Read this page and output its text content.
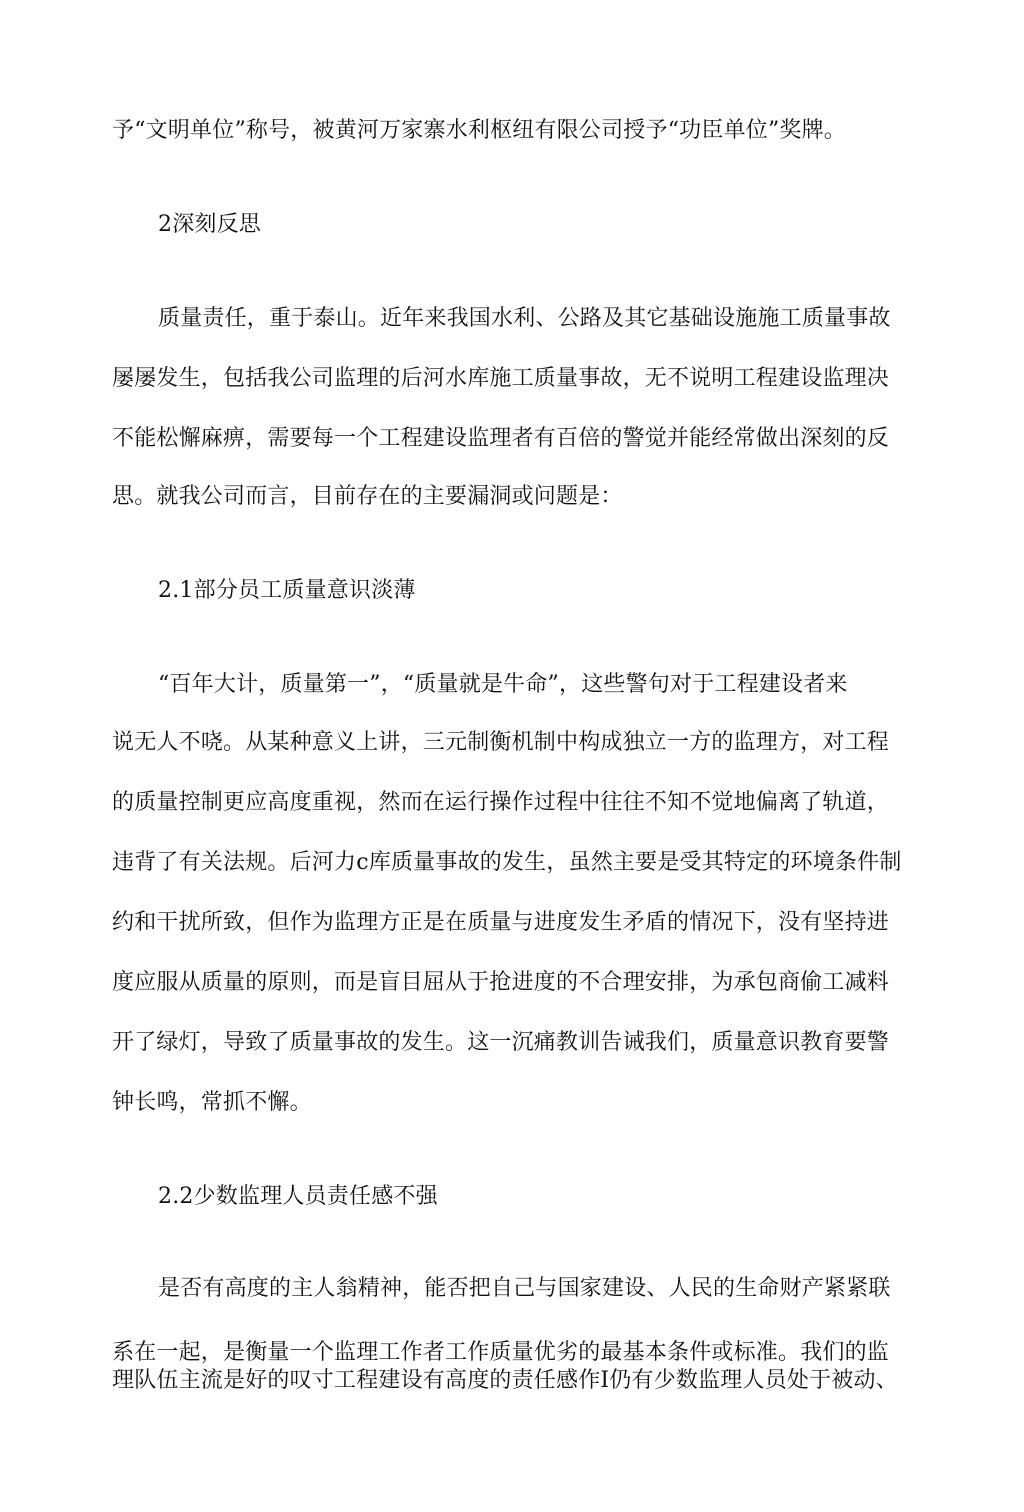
予“文明单位”称号，被黄河万家寨水利枢纽有限公司授予“功臣单位”奖牌。
2深刻反思
质量责任，重于泰山。近年来我国水利、公路及其它基础设施施工质量事故
屡屡发生，包括我公司监理的后河水库施工质量事故，无不说明工程建设监理决
不能松懈麻痹，需要每一个工程建设监理者有百倍的警觉并能经常做出深刻的反
思。就我公司而言，目前存在的主要漏洞或问题是：
2.1部分员工质量意识淡薄
“百年大计，质量第一”，“质量就是牛命”，这些警句对于工程建设者来
说无人不哓。从某种意义上讲，三元制衡机制中构成独立一方的监理方，对工程
的质量控制更应高度重视，然而在运行操作过程中往往不知不觉地偏离了轨道，
违背了有关法规。后河力c库质量事故的发生，虽然主要是受其特定的环境条件制
约和干扰所致，但作为监理方正是在质量与进度发生矛盾的情况下，没有坚持进
度应服从质量的原则，而是盲目屈从于抢进度的不合理安排，为承包商偷工减料
开了绿灯，导致了质量事故的发生。这一沉痛教训告诫我们，质量意识教育要警
钟长鸣，常抓不懈。
2.2少数监理人员责任感不强
是否有高度的主人翁精神，能否把自己与国家建设、人民的生命财产紧紧联
系在一起，是衡量一个监理工作者工作质量优劣的最基本条件或标准。我们的监
理队伍主流是好的叹寸工程建设有高度的责任感作I仍有少数监理人员处于被动、
